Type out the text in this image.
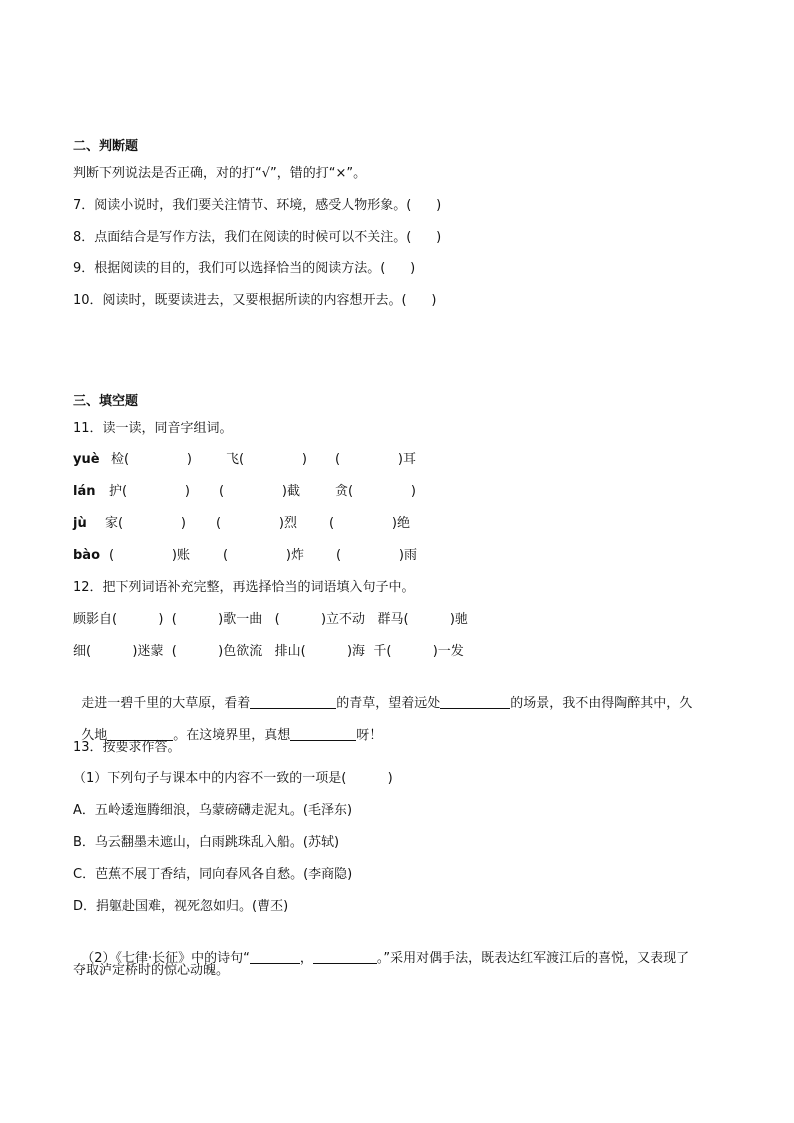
二、判断题
判断下列说法是否正确，对的打“√”，错的打“×”。
7．阅读小说时，我们要关注情节、环境，感受人物形象。(      )
8．点面结合是写作方法，我们在阅读的时候可以不关注。(      )
9．根据阅读的目的，我们可以选择恰当的阅读方法。(      )
10．阅读时，既要读进去，又要根据所读的内容想开去。(      )
三、填空题
11．读一读，同音字组词。
yuè 检(              )	飞(              ) (              )耳
lán 护(              ) (              )截	贪(              )
jù 家(              ) (              )烈 (              )绝
bào (              )账	(              )炸 (              )雨
12．把下列词语补充完整，再选择恰当的词语填入句子中。
顾影自(          )  (          )歌一曲   (          )立不动   群马(          )驰
细(          )迷蒙  (          )色欲流   排山(          )海  千(          )一发

走进一碧千里的大草原，看着	的青草，望着远处	的场景，我不由得陶醉其中，久

久地	。在这境界里，真想	呀！

13．按要求作答。
（1）下列句子与课本中的内容不一致的一项是(          )
A．五岭逶迤腾细浪，乌蒙磅礴走泥丸。(毛泽东)
B．乌云翻墨未遮山，白雨跳珠乱入船。(苏轼)
C．芭蕉不展丁香结，同向春风各自愁。(李商隐)
D．捐躯赴国难，视死忽如归。(曹丕)

（2）《七律·长征》中的诗句“	，	。”采用对偶手法，既表达红军渡江后的喜悦，又表现了

夺取泸定桥时的惊心动魄。
